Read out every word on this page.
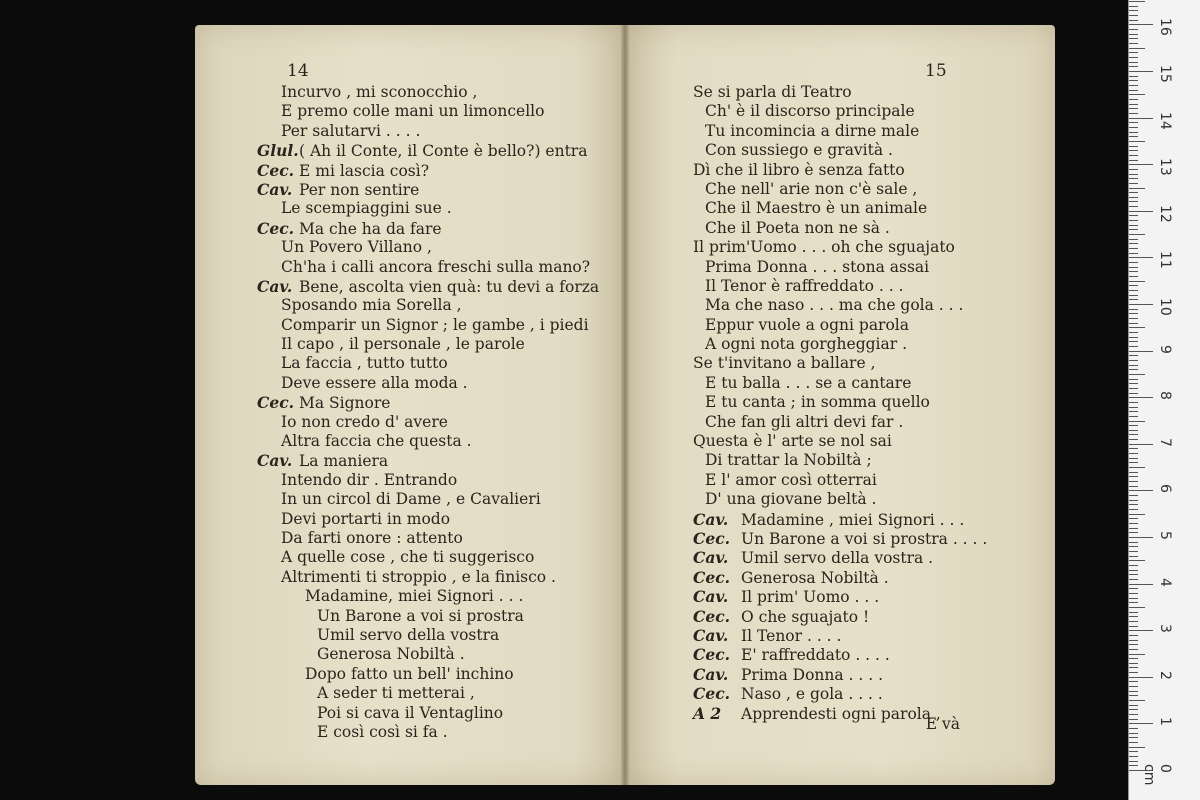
14
Incurvo , mi sconocchio ,
E premo colle mani un limoncello
Per salutarvi . . . .
Glul.( Ah il Conte, il Conte è bello?) entra
Cec. E mi lascia così?
Cav. Per non sentire
Le scempiaggini sue .
Cec. Ma che ha da fare
Un Povero Villano ,
Ch'ha i calli ancora freschi sulla mano?
Cav. Bene, ascolta vien quà: tu devi a forza
Sposando mia Sorella ,
Comparir un Signor ; le gambe , i piedi
Il capo , il personale , le parole
La faccia , tutto tutto
Deve essere alla moda .
Cec. Ma Signore
Io non credo d' avere
Altra faccia che questa .
Cav. La maniera
Intendo dir . Entrando
In un circol di Dame , e Cavalieri
Devi portarti in modo
Da farti onore : attento
A quelle cose , che ti suggerisco
Altrimenti ti stroppio , e la finisco .
Madamine, miei Signori . . .
Un Barone a voi si prostra
Umil servo della vostra
Generosa Nobiltà .
Dopo fatto un bell' inchino
A seder ti metterai ,
Poi si cava il Ventaglino
E così così si fa .
15
Se si parla di Teatro
Ch' è il discorso principale
Tu incomincia a dirne male
Con sussiego e gravità .
Dì che il libro è senza fatto
Che nell' arie non c'è sale ,
Che il Maestro è un animale
Che il Poeta non ne sà .
Il prim'Uomo . . . oh che sguajato
Prima Donna . . . stona assai
Il Tenor è raffreddato . . .
Ma che naso . . . ma che gola . . .
Eppur vuole a ogni parola
A ogni nota gorgheggiar .
Se t'invitano a ballare ,
E tu balla . . . se a cantare
E tu canta ; in somma quello
Che fan gli altri devi far .
Questa è l' arte se nol sai
Di trattar la Nobiltà ;
E l' amor così otterrai
D' una giovane beltà .
Cav. Madamine , miei Signori . . .
Cec. Un Barone a voi si prostra . . . .
Cav. Umil servo della vostra .
Cec. Generosa Nobiltà .
Cav. Il prim' Uomo . . .
Cec. O che sguajato !
Cav. Il Tenor . . . .
Cec. E' raffreddato . . . .
Cav. Prima Donna . . . .
Cec. Naso , e gola . . . .
A 2 Apprendesti ogni parola ,
E và
0 cm
1
2
3
4
5
6
7
8
9
10
11
12
13
14
15
16
